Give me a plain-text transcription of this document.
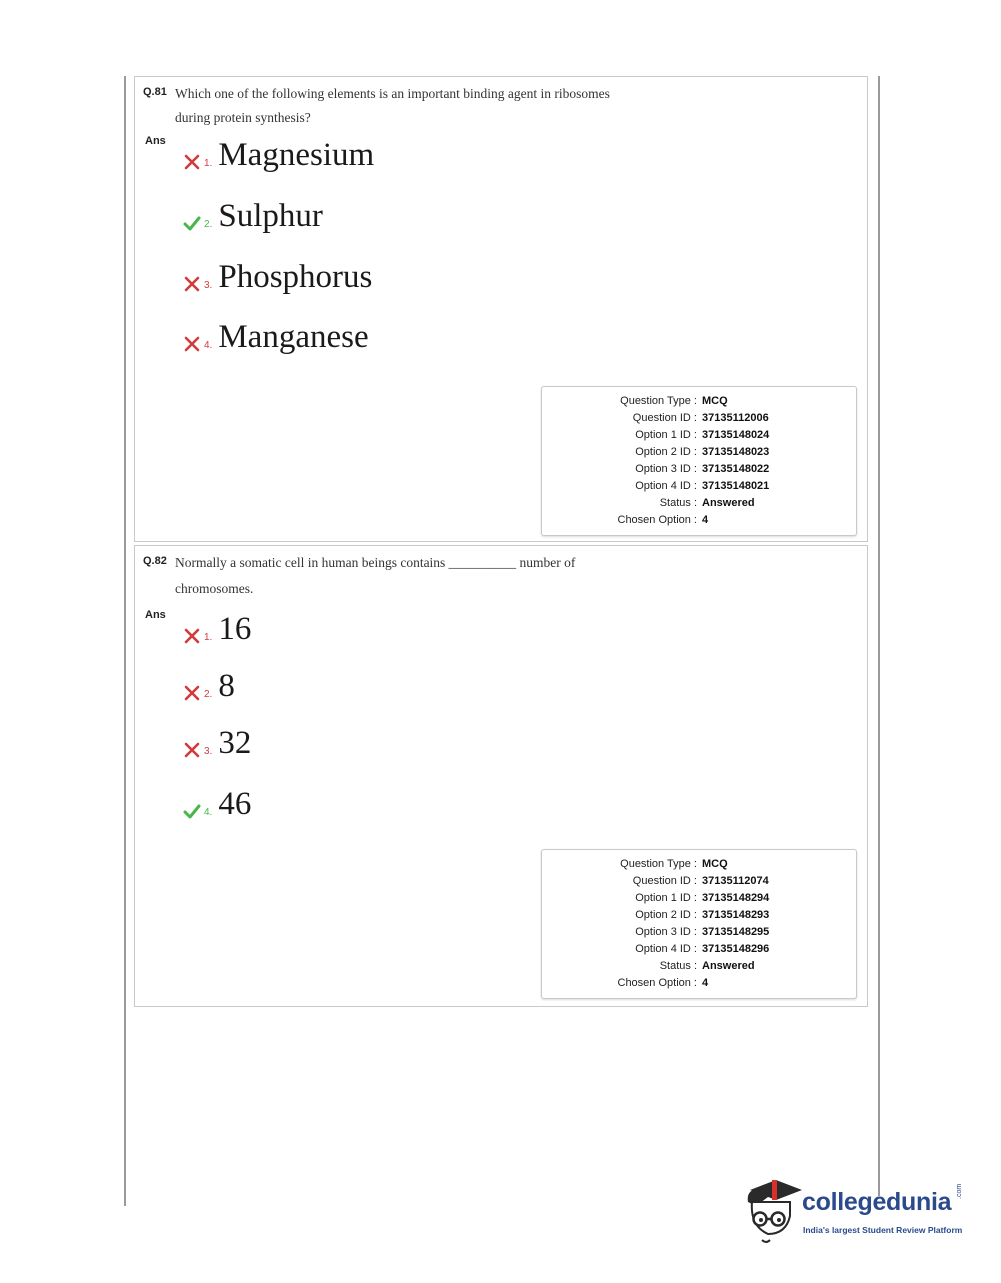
Q.81 Which one of the following elements is an important binding agent in ribosomes
during protein synthesis?
Ans
1. Magnesium
2. Sulphur
3. Phosphorus
4. Manganese
Question Type : MCQ
Question ID : 37135112006
Option 1 ID : 37135148024
Option 2 ID : 37135148023
Option 3 ID : 37135148022
Option 4 ID : 37135148021
Status : Answered
Chosen Option : 4
Q.82 Normally a somatic cell in human beings contains __________ number of
chromosomes.
Ans
1. 16
2. 8
3. 32
4. 46
Question Type : MCQ
Question ID : 37135112074
Option 1 ID : 37135148294
Option 2 ID : 37135148293
Option 3 ID : 37135148295
Option 4 ID : 37135148296
Status : Answered
Chosen Option : 4
collegedunia .com
India's largest Student Review Platform
